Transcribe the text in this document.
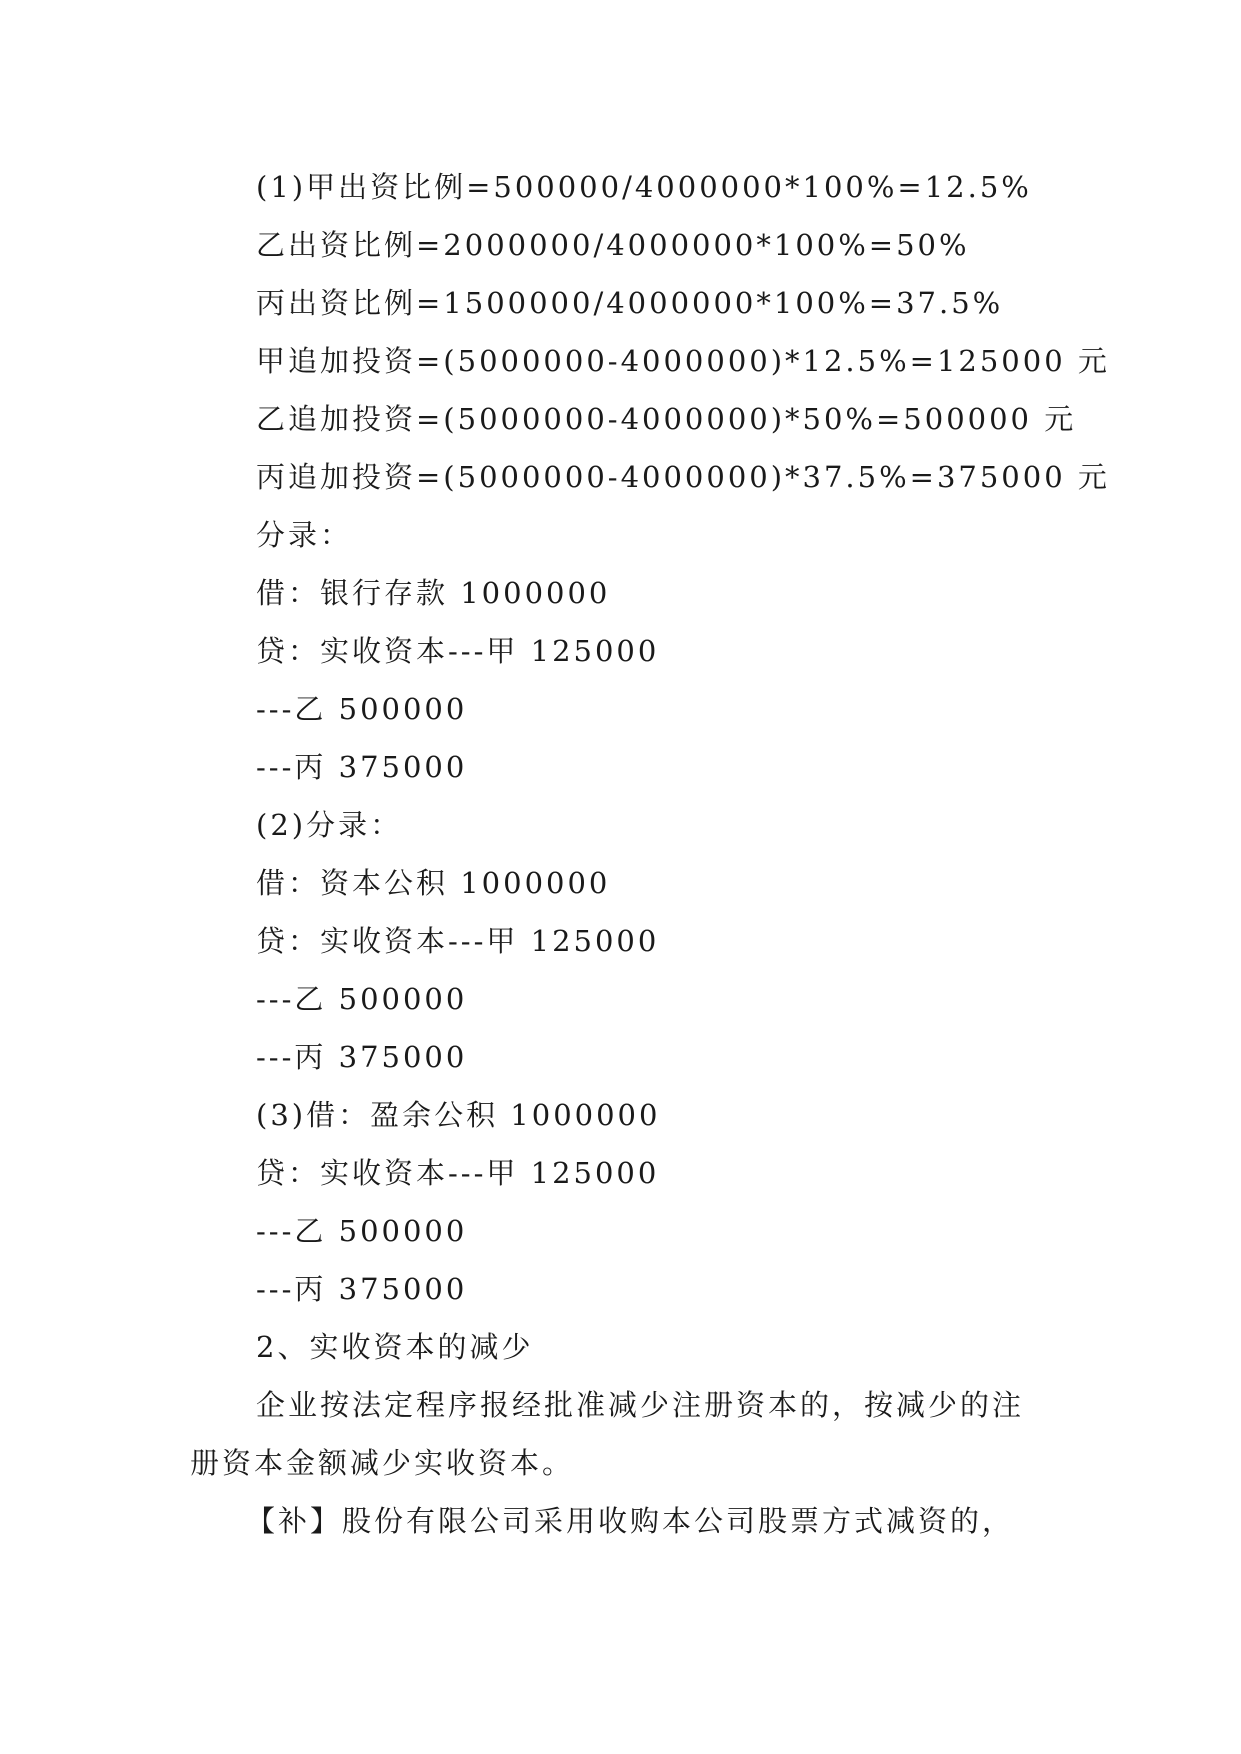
(1)甲出资比例=500000/4000000*100%=12.5%
乙出资比例=2000000/4000000*100%=50%
丙出资比例=1500000/4000000*100%=37.5%
甲追加投资=(5000000-4000000)*12.5%=125000 元
乙追加投资=(5000000-4000000)*50%=500000 元
丙追加投资=(5000000-4000000)*37.5%=375000 元
分录：
借：银行存款 1000000
贷：实收资本---甲 125000
---乙 500000
---丙 375000
(2)分录：
借：资本公积 1000000
贷：实收资本---甲 125000
---乙 500000
---丙 375000
(3)借：盈余公积 1000000
贷：实收资本---甲 125000
---乙 500000
---丙 375000
2、实收资本的减少
企业按法定程序报经批准减少注册资本的，按减少的注
册资本金额减少实收资本。
【补】股份有限公司采用收购本公司股票方式减资的，
